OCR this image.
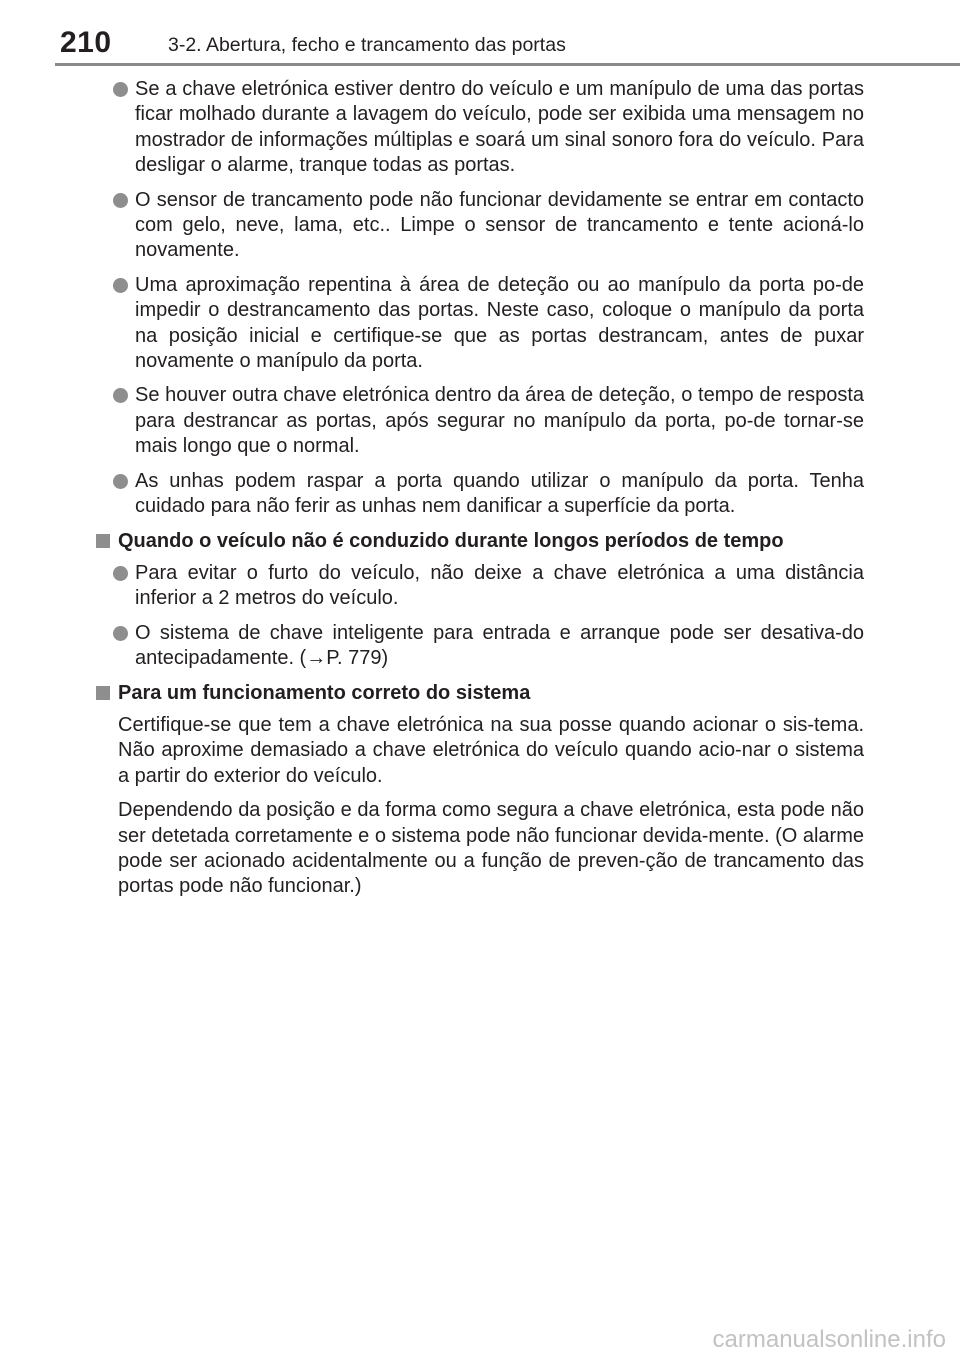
210	3-2. Abertura, fecho e trancamento das portas
Se a chave eletrónica estiver dentro do veículo e um manípulo de uma das portas ficar molhado durante a lavagem do veículo, pode ser exibida uma mensagem no mostrador de informações múltiplas e soará um sinal sonoro fora do veículo. Para desligar o alarme, tranque todas as portas.
O sensor de trancamento pode não funcionar devidamente se entrar em contacto com gelo, neve, lama, etc.. Limpe o sensor de trancamento e tente acioná-lo novamente.
Uma aproximação repentina à área de deteção ou ao manípulo da porta po-de impedir o destrancamento das portas. Neste caso, coloque o manípulo da porta na posição inicial e certifique-se que as portas destrancam, antes de puxar novamente o manípulo da porta.
Se houver outra chave eletrónica dentro da área de deteção, o tempo de resposta para destrancar as portas, após segurar no manípulo da porta, po-de tornar-se mais longo que o normal.
As unhas podem raspar a porta quando utilizar o manípulo da porta. Tenha cuidado para não ferir as unhas nem danificar a superfície da porta.
Quando o veículo não é conduzido durante longos períodos de tempo
Para evitar o furto do veículo, não deixe a chave eletrónica a uma distância inferior a 2 metros do veículo.
O sistema de chave inteligente para entrada e arranque pode ser desativa-do antecipadamente. (→P. 779)
Para um funcionamento correto do sistema
Certifique-se que tem a chave eletrónica na sua posse quando acionar o sis-tema. Não aproxime demasiado a chave eletrónica do veículo quando acio-nar o sistema a partir do exterior do veículo.
Dependendo da posição e da forma como segura a chave eletrónica, esta pode não ser detetada corretamente e o sistema pode não funcionar devida-mente. (O alarme pode ser acionado acidentalmente ou a função de preven-ção de trancamento das portas pode não funcionar.)
carmanualsonline.info
